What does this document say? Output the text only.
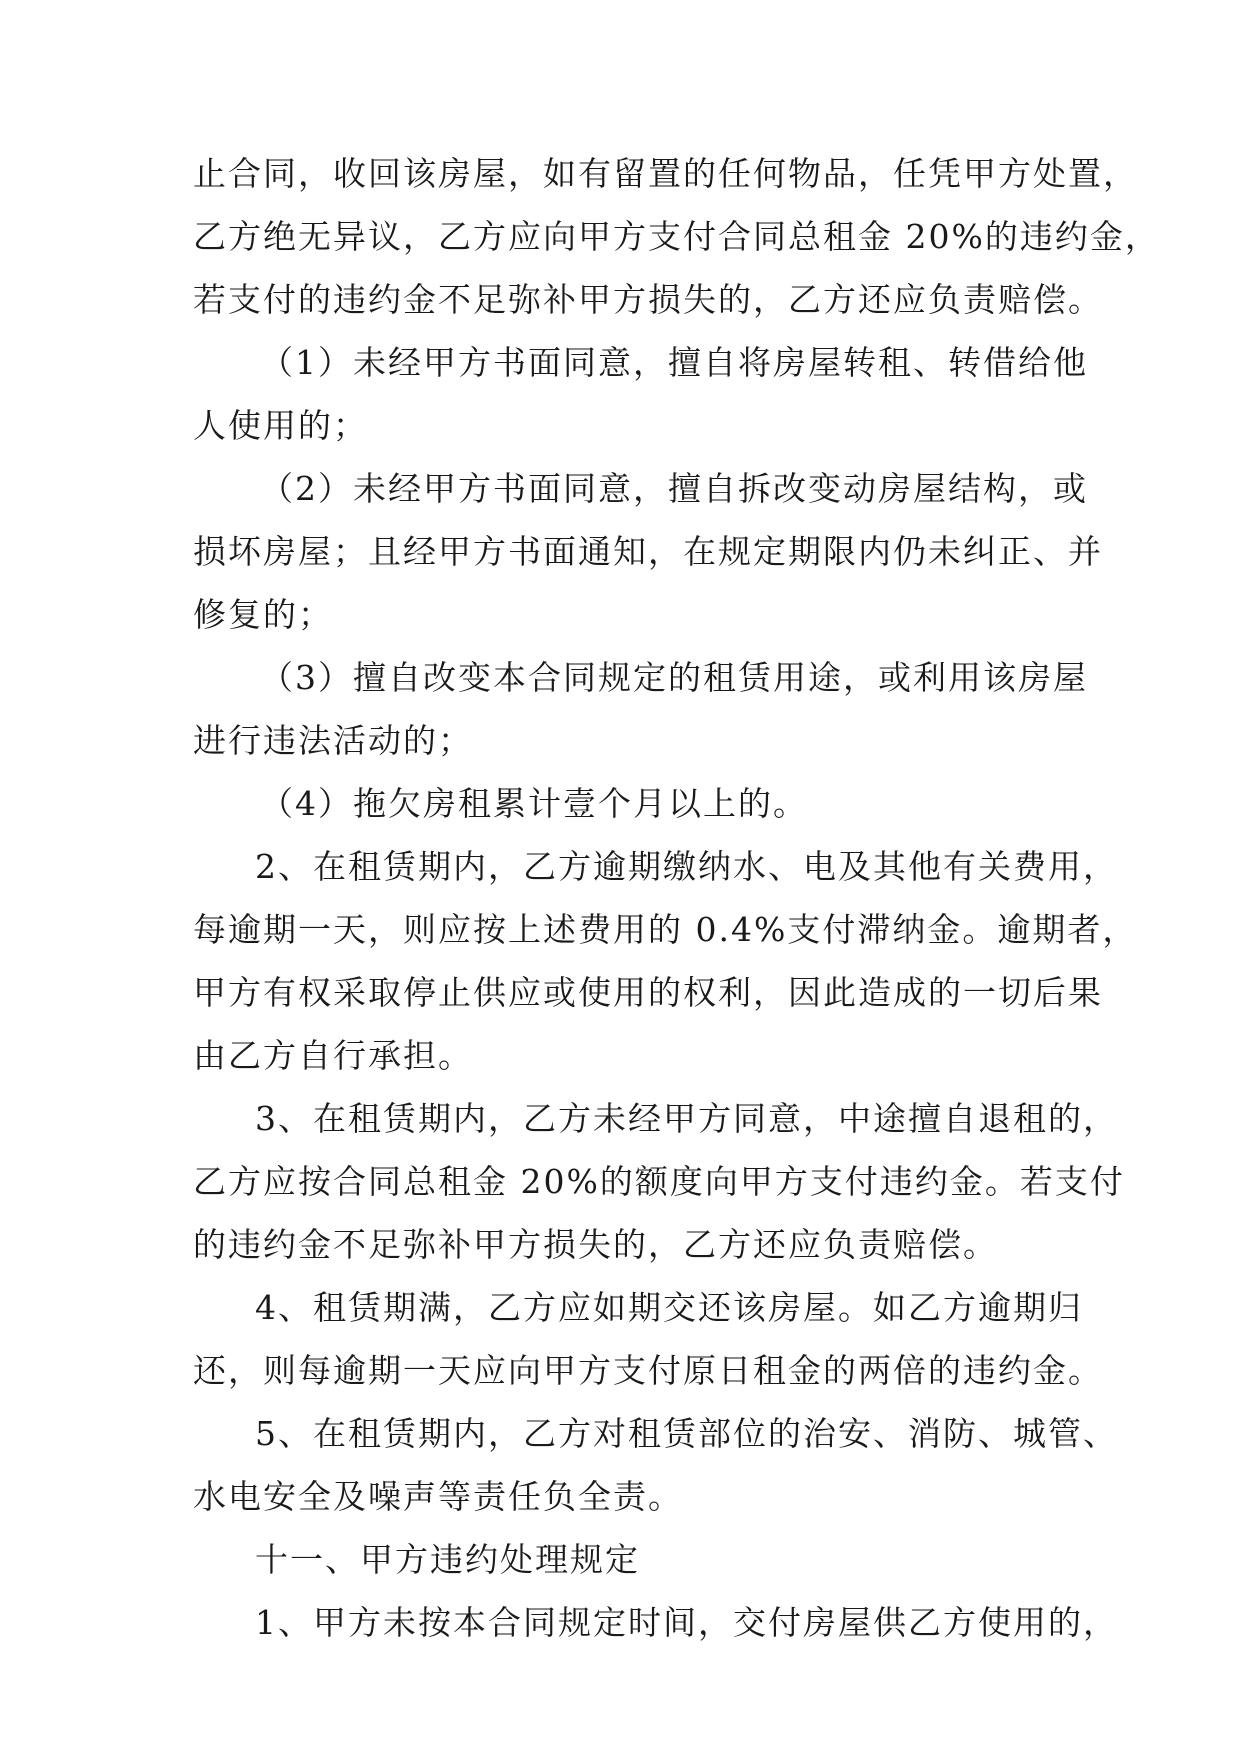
止合同，收回该房屋，如有留置的任何物品，任凭甲方处置，
乙方绝无异议，乙方应向甲方支付合同总租金 20%的违约金，
若支付的违约金不足弥补甲方损失的，乙方还应负责赔偿。
（1）未经甲方书面同意，擅自将房屋转租、转借给他
人使用的；
（2）未经甲方书面同意，擅自拆改变动房屋结构，或
损坏房屋；且经甲方书面通知，在规定期限内仍未纠正、并
修复的；
（3）擅自改变本合同规定的租赁用途，或利用该房屋
进行违法活动的；
（4）拖欠房租累计壹个月以上的。
2、在租赁期内，乙方逾期缴纳水、电及其他有关费用，
每逾期一天，则应按上述费用的 0.4%支付滞纳金。逾期者，
甲方有权采取停止供应或使用的权利，因此造成的一切后果
由乙方自行承担。
3、在租赁期内，乙方未经甲方同意，中途擅自退租的，
乙方应按合同总租金 20%的额度向甲方支付违约金。若支付
的违约金不足弥补甲方损失的，乙方还应负责赔偿。
4、租赁期满，乙方应如期交还该房屋。如乙方逾期归
还，则每逾期一天应向甲方支付原日租金的两倍的违约金。
5、在租赁期内，乙方对租赁部位的治安、消防、城管、
水电安全及噪声等责任负全责。
十一、甲方违约处理规定
1、甲方未按本合同规定时间，交付房屋供乙方使用的，
